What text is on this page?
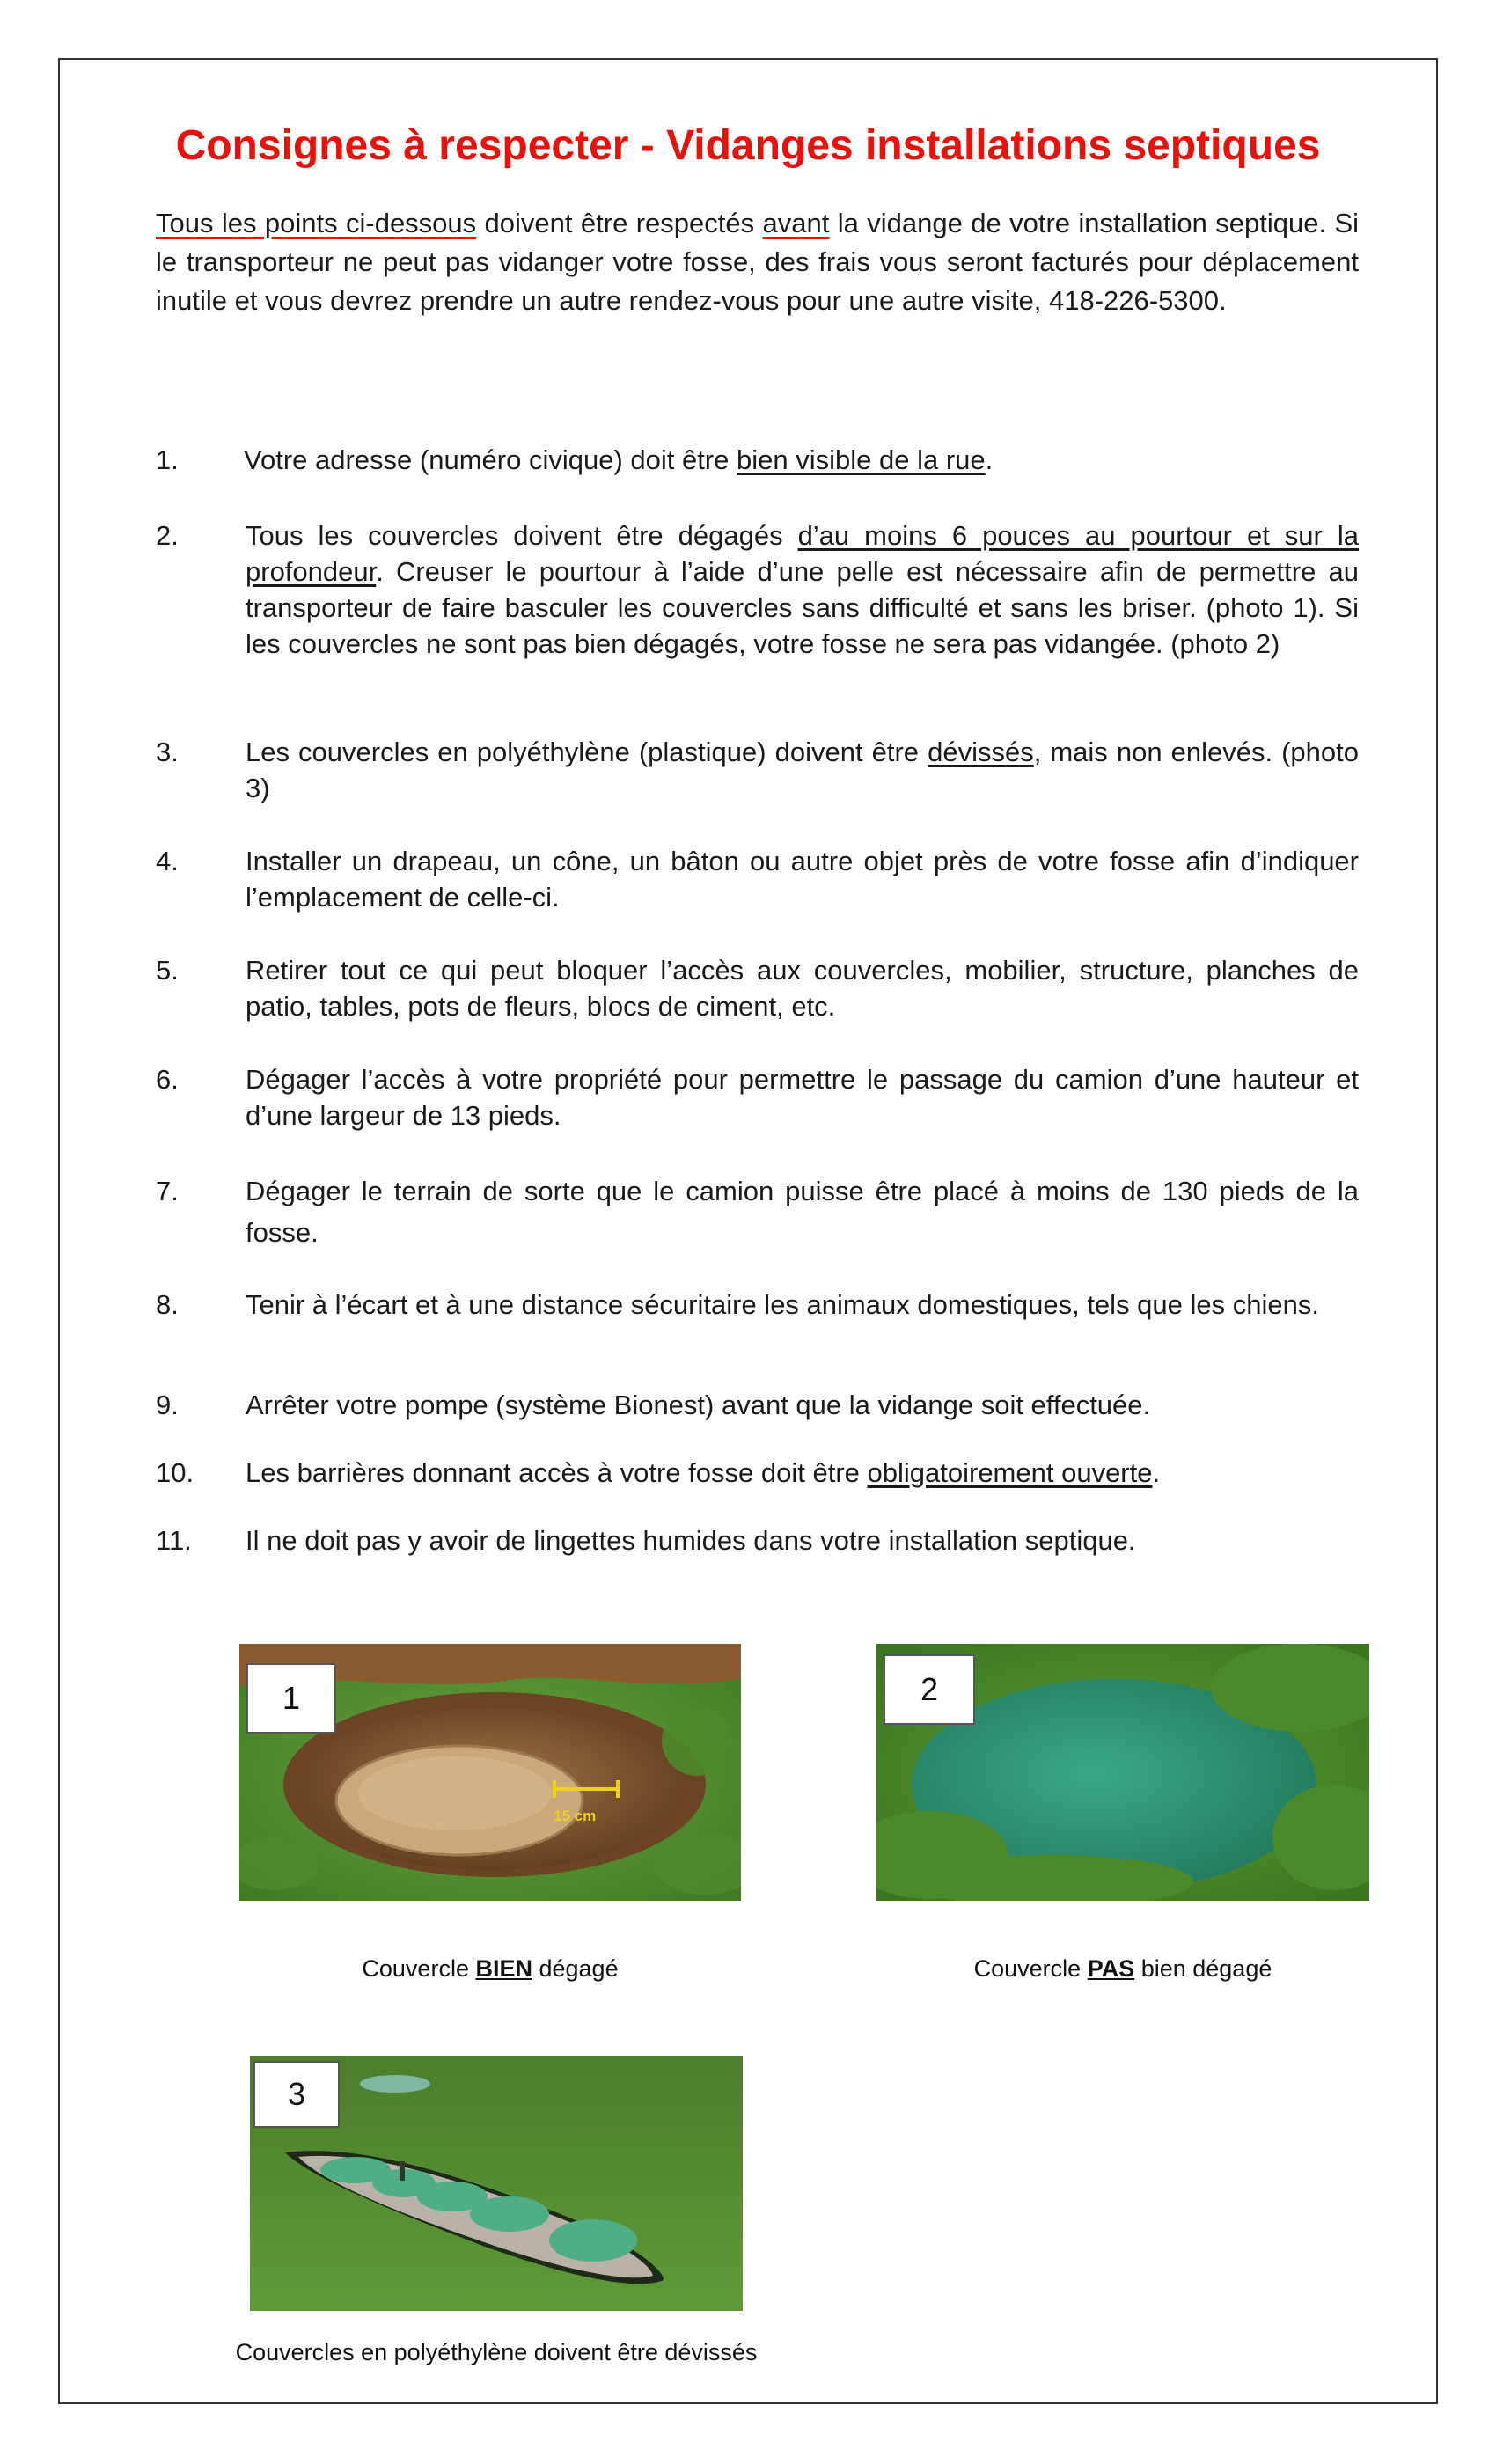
Consignes à respecter - Vidanges installations septiques

Tous les points ci-dessous doivent être respectés avant la vidange de votre installation septique. Si le transporteur ne peut pas vidanger votre fosse, des frais vous seront facturés pour déplacement inutile et vous devrez prendre un autre rendez-vous pour une autre visite, 418-226-5300.

1. Votre adresse (numéro civique) doit être bien visible de la rue.
2. Tous les couvercles doivent être dégagés d’au moins 6 pouces au pourtour et sur la profondeur. Creuser le pourtour à l’aide d’une pelle est nécessaire afin de permettre au transporteur de faire basculer les couvercles sans difficulté et sans les briser. (photo 1). Si les couvercles ne sont pas bien dégagés, votre fosse ne sera pas vidangée. (photo 2)
3. Les couvercles en polyéthylène (plastique) doivent être dévissés, mais non enlevés. (photo 3)
4. Installer un drapeau, un cône, un bâton ou autre objet près de votre fosse afin d’indiquer l’emplacement de celle-ci.
5. Retirer tout ce qui peut bloquer l’accès aux couvercles, mobilier, structure, planches de patio, tables, pots de fleurs, blocs de ciment, etc.
6. Dégager l’accès à votre propriété pour permettre le passage du camion d’une hauteur et d’une largeur de 13 pieds.
7. Dégager le terrain de sorte que le camion puisse être placé à moins de 130 pieds de la fosse.
8. Tenir à l’écart et à une distance sécuritaire les animaux domestiques, tels que les chiens.
9. Arrêter votre pompe (système Bionest) avant que la vidange soit effectuée.
10. Les barrières donnant accès à votre fosse doit être obligatoirement ouverte.
11. Il ne doit pas y avoir de lingettes humides dans votre installation septique.
15 cm
1
Couvercle BIEN dégagé
2
Couvercle PAS bien dégagé
3
Couvercles en polyéthylène doivent être dévissés
